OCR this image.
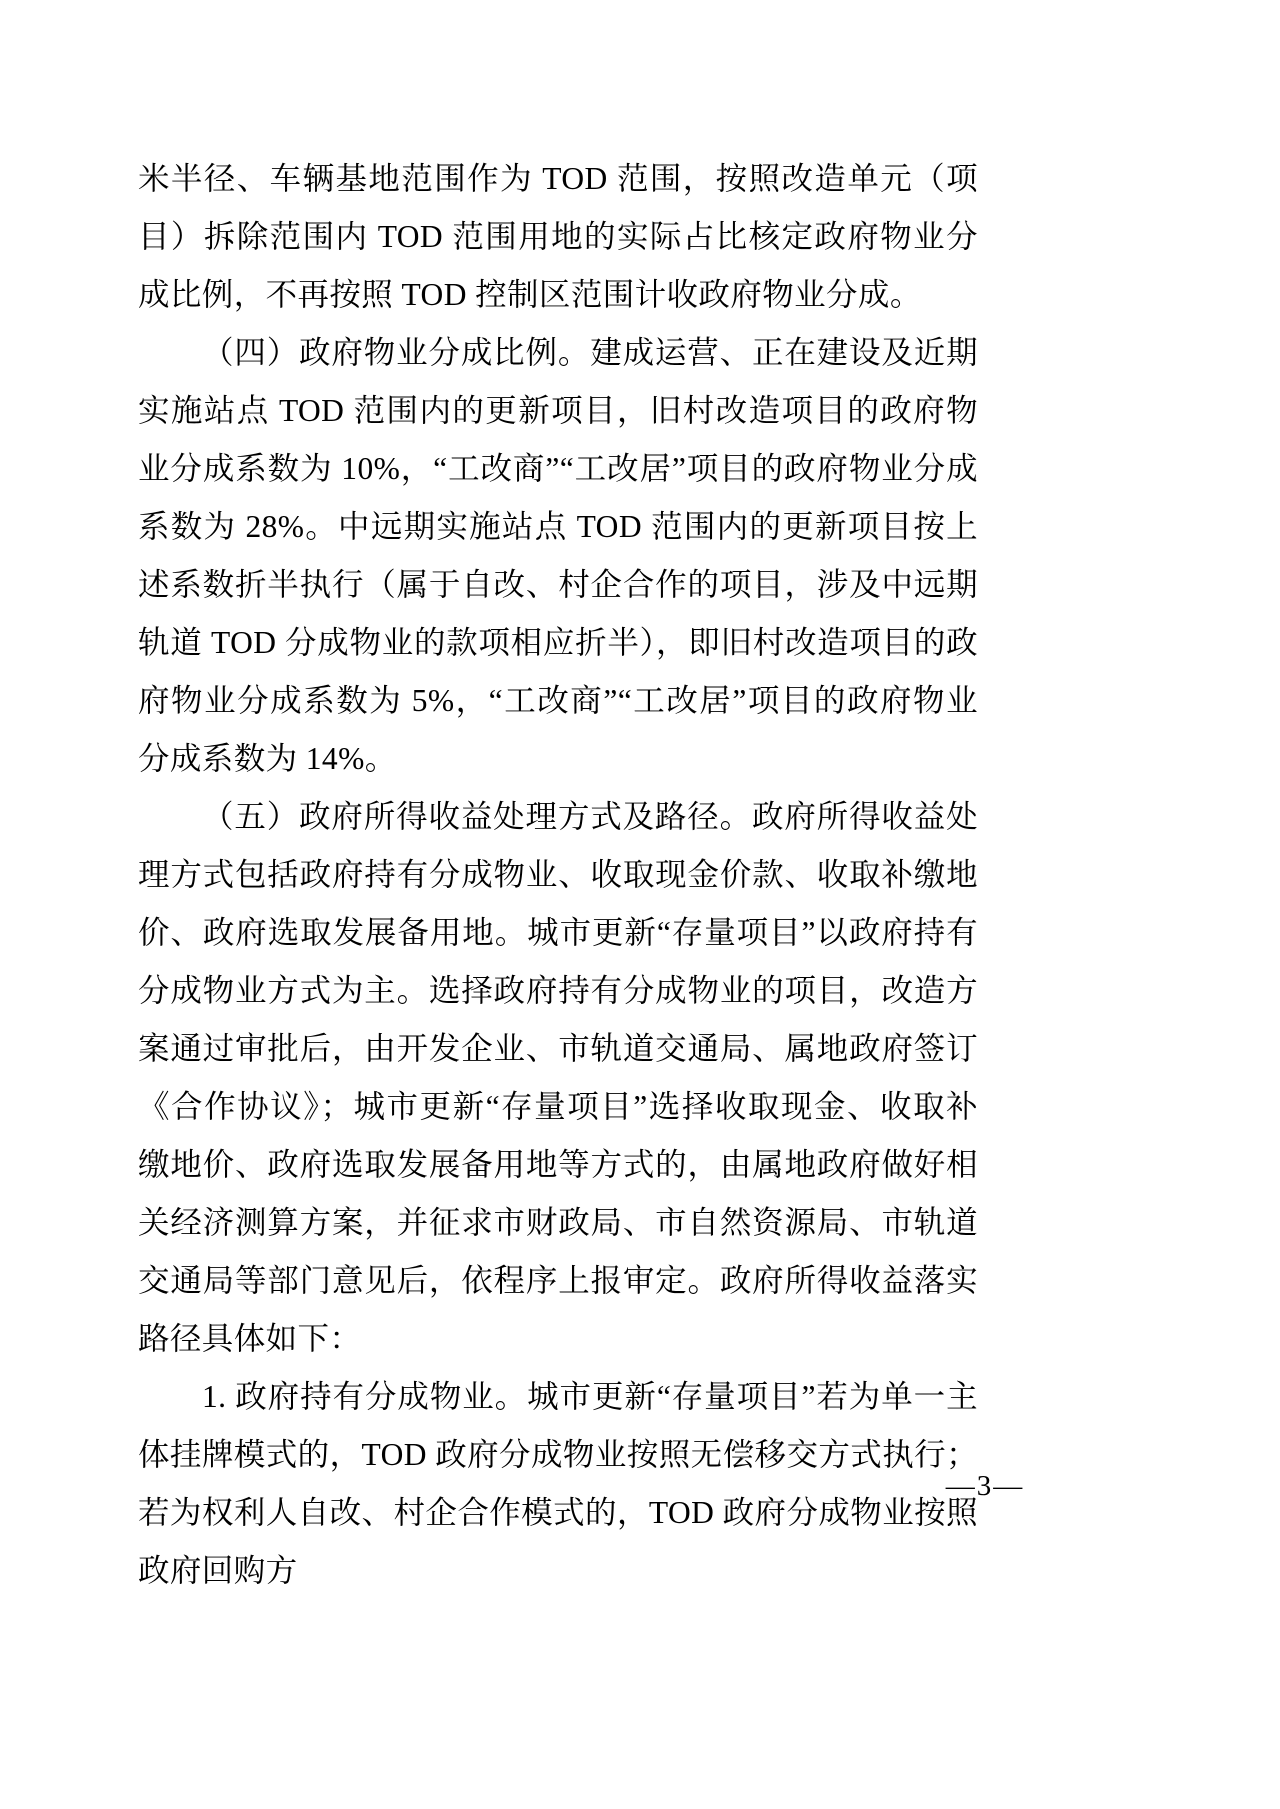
米半径、车辆基地范围作为 TOD 范围，按照改造单元（项目）拆除范围内 TOD 范围用地的实际占比核定政府物业分成比例，不再按照 TOD 控制区范围计收政府物业分成。

（四）政府物业分成比例。建成运营、正在建设及近期实施站点 TOD 范围内的更新项目，旧村改造项目的政府物业分成系数为 10%，“工改商”“工改居”项目的政府物业分成系数为 28%。中远期实施站点 TOD 范围内的更新项目按上述系数折半执行（属于自改、村企合作的项目，涉及中远期轨道 TOD 分成物业的款项相应折半），即旧村改造项目的政府物业分成系数为 5%，“工改商”“工改居”项目的政府物业分成系数为 14%。

（五）政府所得收益处理方式及路径。政府所得收益处理方式包括政府持有分成物业、收取现金价款、收取补缴地价、政府选取发展备用地。城市更新“存量项目”以政府持有分成物业方式为主。选择政府持有分成物业的项目，改造方案通过审批后，由开发企业、市轨道交通局、属地政府签订《合作协议》；城市更新“存量项目”选择收取现金、收取补缴地价、政府选取发展备用地等方式的，由属地政府做好相关经济测算方案，并征求市财政局、市自然资源局、市轨道交通局等部门意见后，依程序上报审定。政府所得收益落实路径具体如下：

1. 政府持有分成物业。城市更新“存量项目”若为单一主体挂牌模式的，TOD 政府分成物业按照无偿移交方式执行；若为权利人自改、村企合作模式的，TOD 政府分成物业按照政府回购方

—3—
